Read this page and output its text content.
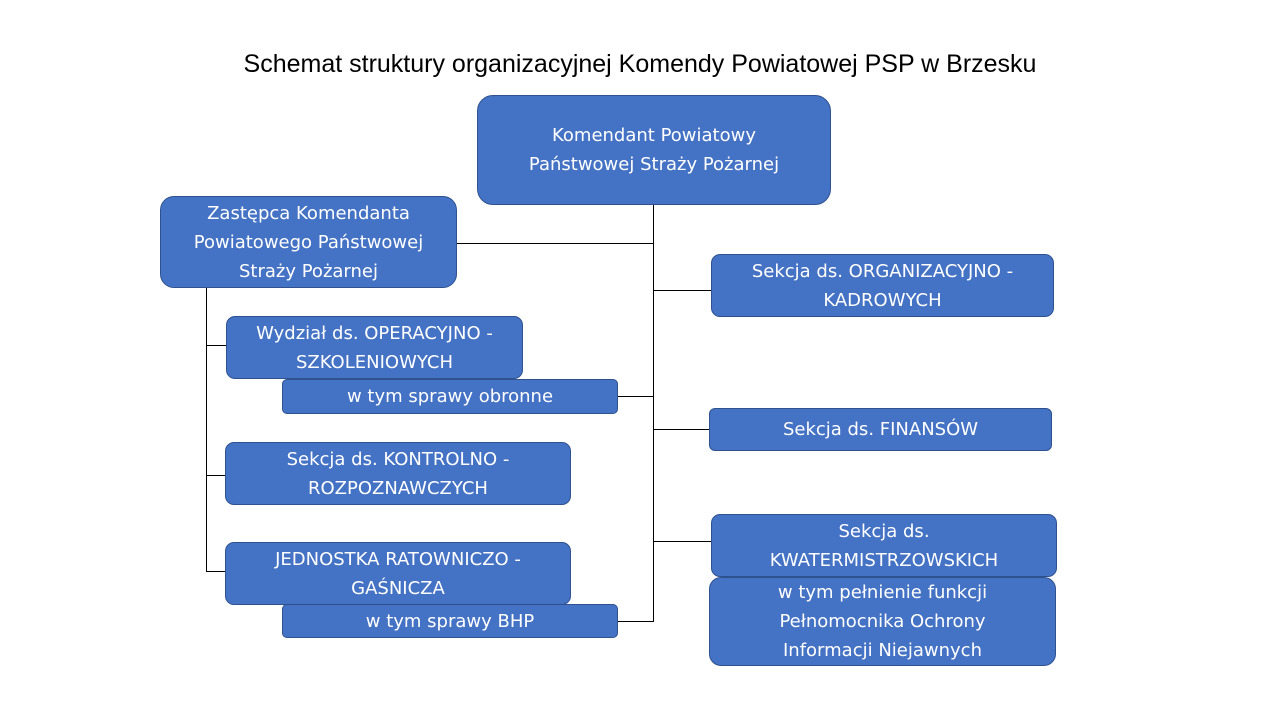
Schemat struktury organizacyjnej Komendy Powiatowej PSP w Brzesku
Komendant Powiatowy
Państwowej Straży Pożarnej
Zastępca Komendanta
Powiatowego Państwowej
Straży Pożarnej
Wydział ds. OPERACYJNO -
SZKOLENIOWYCH
w tym sprawy obronne
Sekcja ds. KONTROLNO -
ROZPOZNAWCZYCH
JEDNOSTKA RATOWNICZO -
GAŚNICZA
w tym sprawy BHP
Sekcja ds. ORGANIZACYJNO -
KADROWYCH
Sekcja ds. FINANSÓW
Sekcja ds.
KWATERMISTRZOWSKICH
w tym pełnienie funkcji
Pełnomocnika Ochrony
Informacji Niejawnych
